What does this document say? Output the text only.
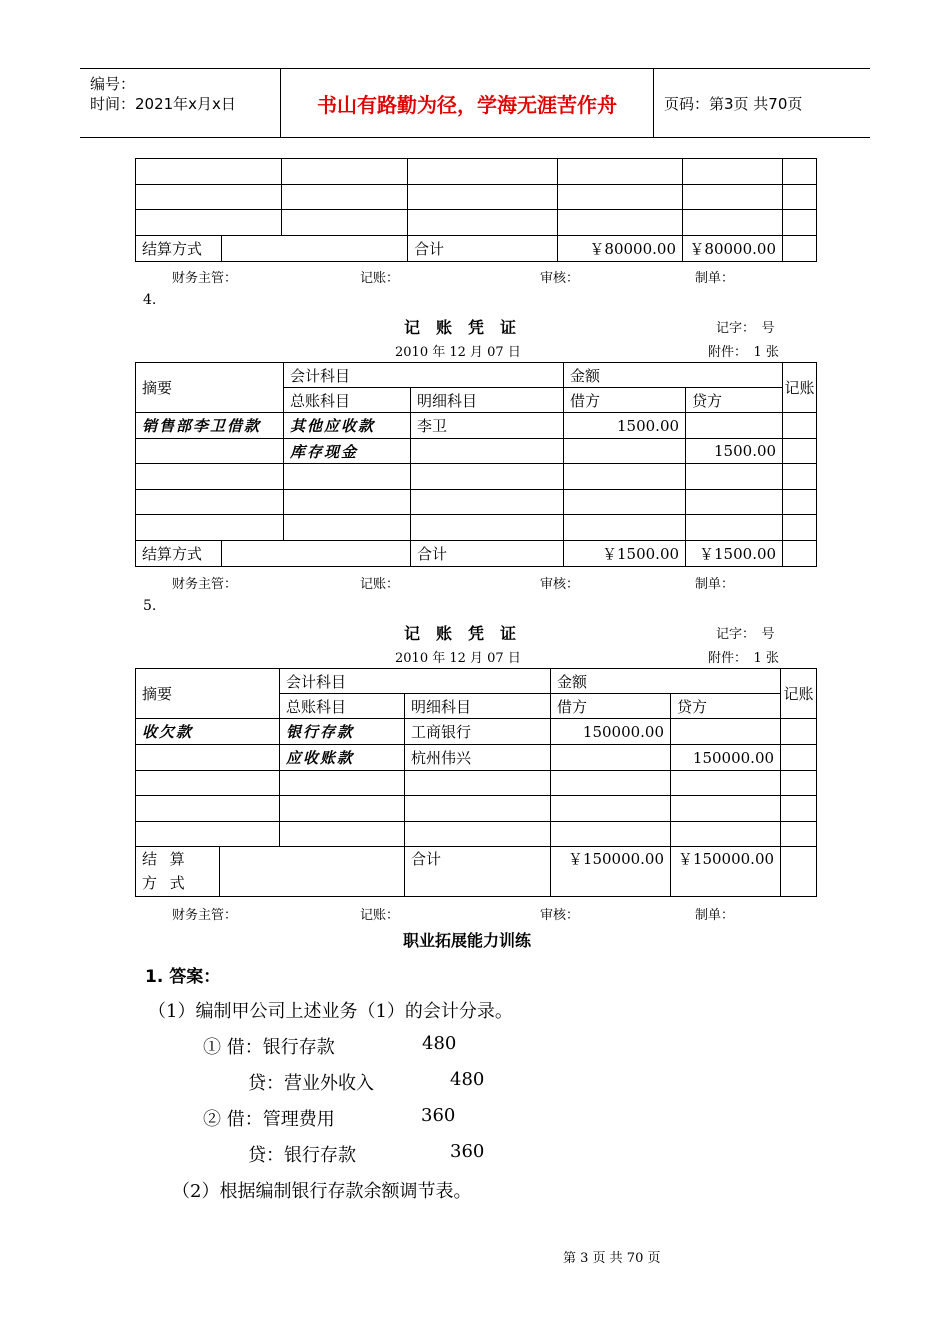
编号：
时间：2021年x月x日	书山有路勤为径，学海无涯苦作舟	页码：第3页 共70页

结算方式			合计	￥80000.00	￥80000.00	
财务主管：	记账：	审核：	制单：
4.
记　账　凭　证	记字：　号
2010 年 12 月 07 日	附件：　1 张
摘要		会计科目		金额		记账
		总账科目	明细科目	借方	贷方	
销售部李卫借款		其他应收款	李卫	1500.00		
		库存现金			1500.00	

结算方式			合计	￥1500.00	￥1500.00	
财务主管：	记账：	审核：	制单：
5.
记　账　凭　证	记字：　号
2010 年 12 月 07 日	附件：　1 张
摘要		会计科目		金额		记账
		总账科目	明细科目	借方	贷方	
收欠款		银行存款	工商银行	150000.00		
		应收账款	杭州伟兴		150000.00	

结 算 方 式			合计	￥150000.00	￥150000.00	
财务主管：	记账：	审核：	制单：
职业拓展能力训练
1. 答案：
（1）编制甲公司上述业务（1）的会计分录。
① 借：银行存款	480
贷：营业外收入	480
② 借：管理费用	360
贷：银行存款	360
（2）根据编制银行存款余额调节表。
第 3 页 共 70 页
